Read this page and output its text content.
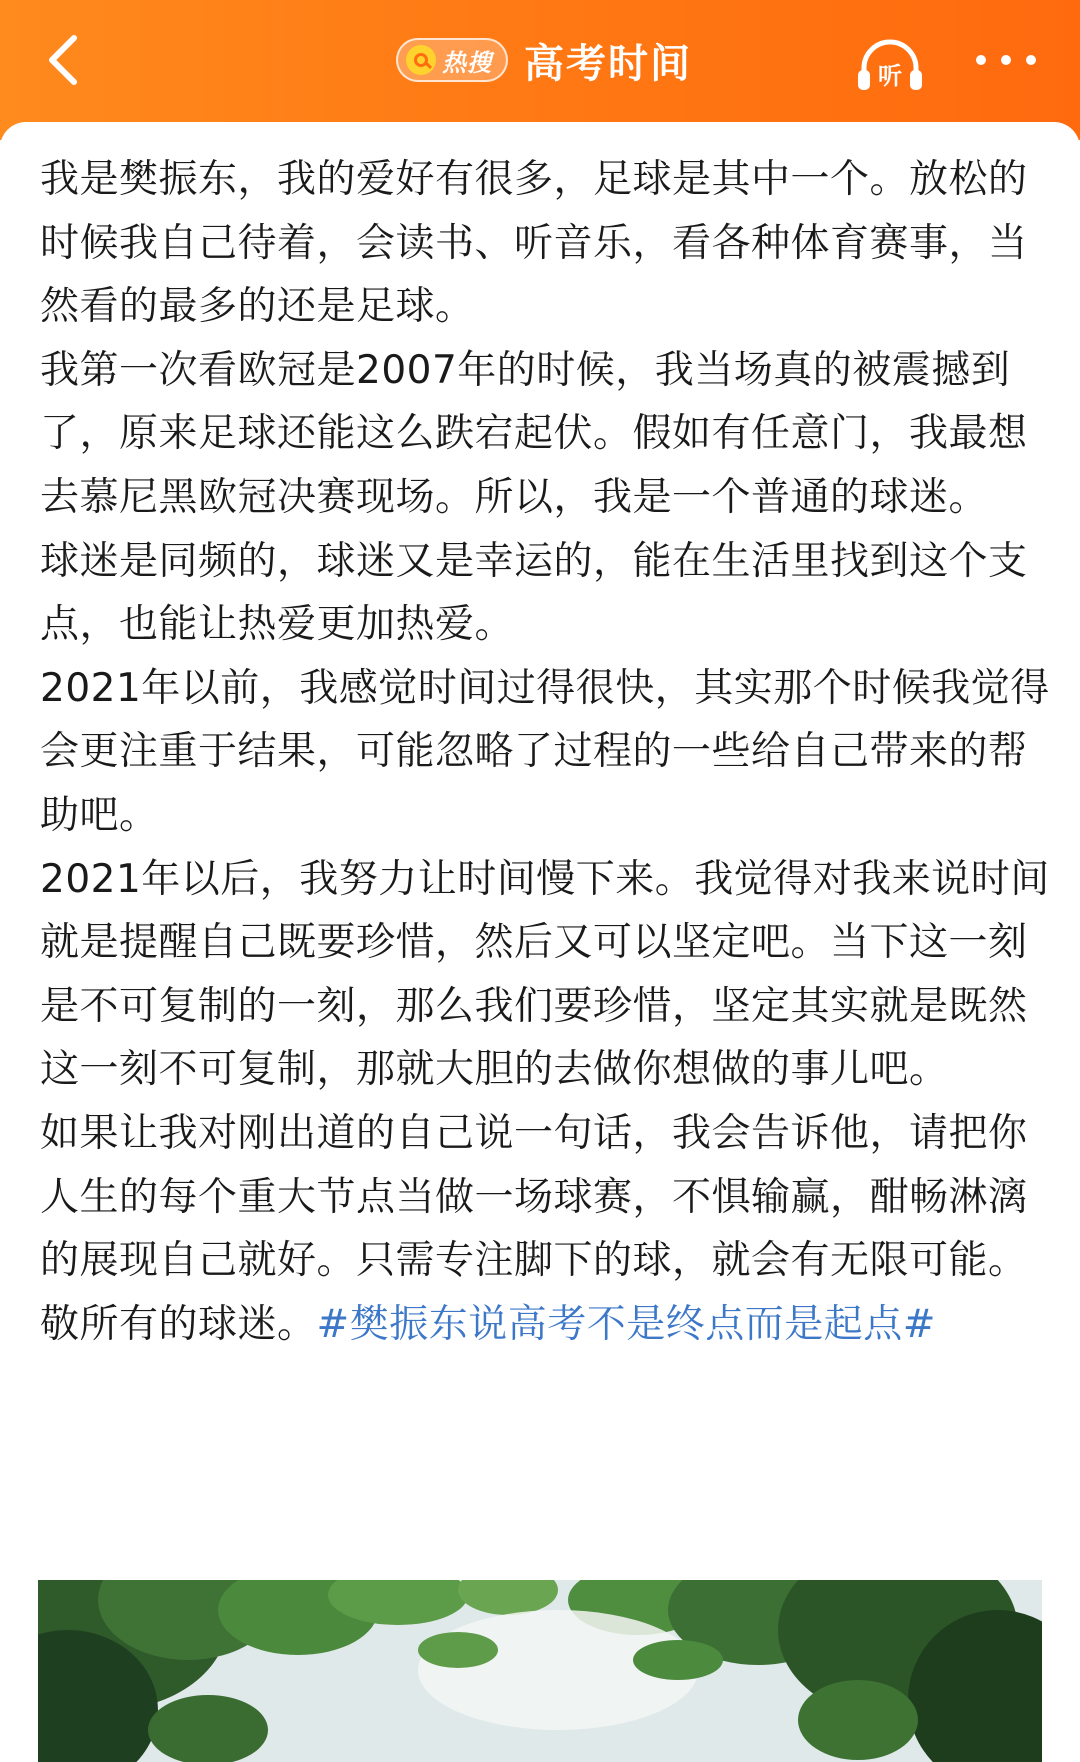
热搜 高考时间	听
我是樊振东，我的爱好有很多，足球是其中一个。放松的时候我自己待着，会读书、听音乐，看各种体育赛事，当然看的最多的还是足球。
我第一次看欧冠是2007年的时候，我当场真的被震撼到了，原来足球还能这么跌宕起伏。假如有任意门，我最想去慕尼黑欧冠决赛现场。所以，我是一个普通的球迷。
球迷是同频的，球迷又是幸运的，能在生活里找到这个支点，也能让热爱更加热爱。
2021年以前，我感觉时间过得很快，其实那个时候我觉得会更注重于结果，可能忽略了过程的一些给自己带来的帮助吧。
2021年以后，我努力让时间慢下来。我觉得对我来说时间就是提醒自己既要珍惜，然后又可以坚定吧。当下这一刻是不可复制的一刻，那么我们要珍惜，坚定其实就是既然这一刻不可复制，那就大胆的去做你想做的事儿吧。
如果让我对刚出道的自己说一句话，我会告诉他，请把你人生的每个重大节点当做一场球赛，不惧输赢，酣畅淋漓的展现自己就好。只需专注脚下的球，就会有无限可能。
敬所有的球迷。#樊振东说高考不是终点而是起点#
